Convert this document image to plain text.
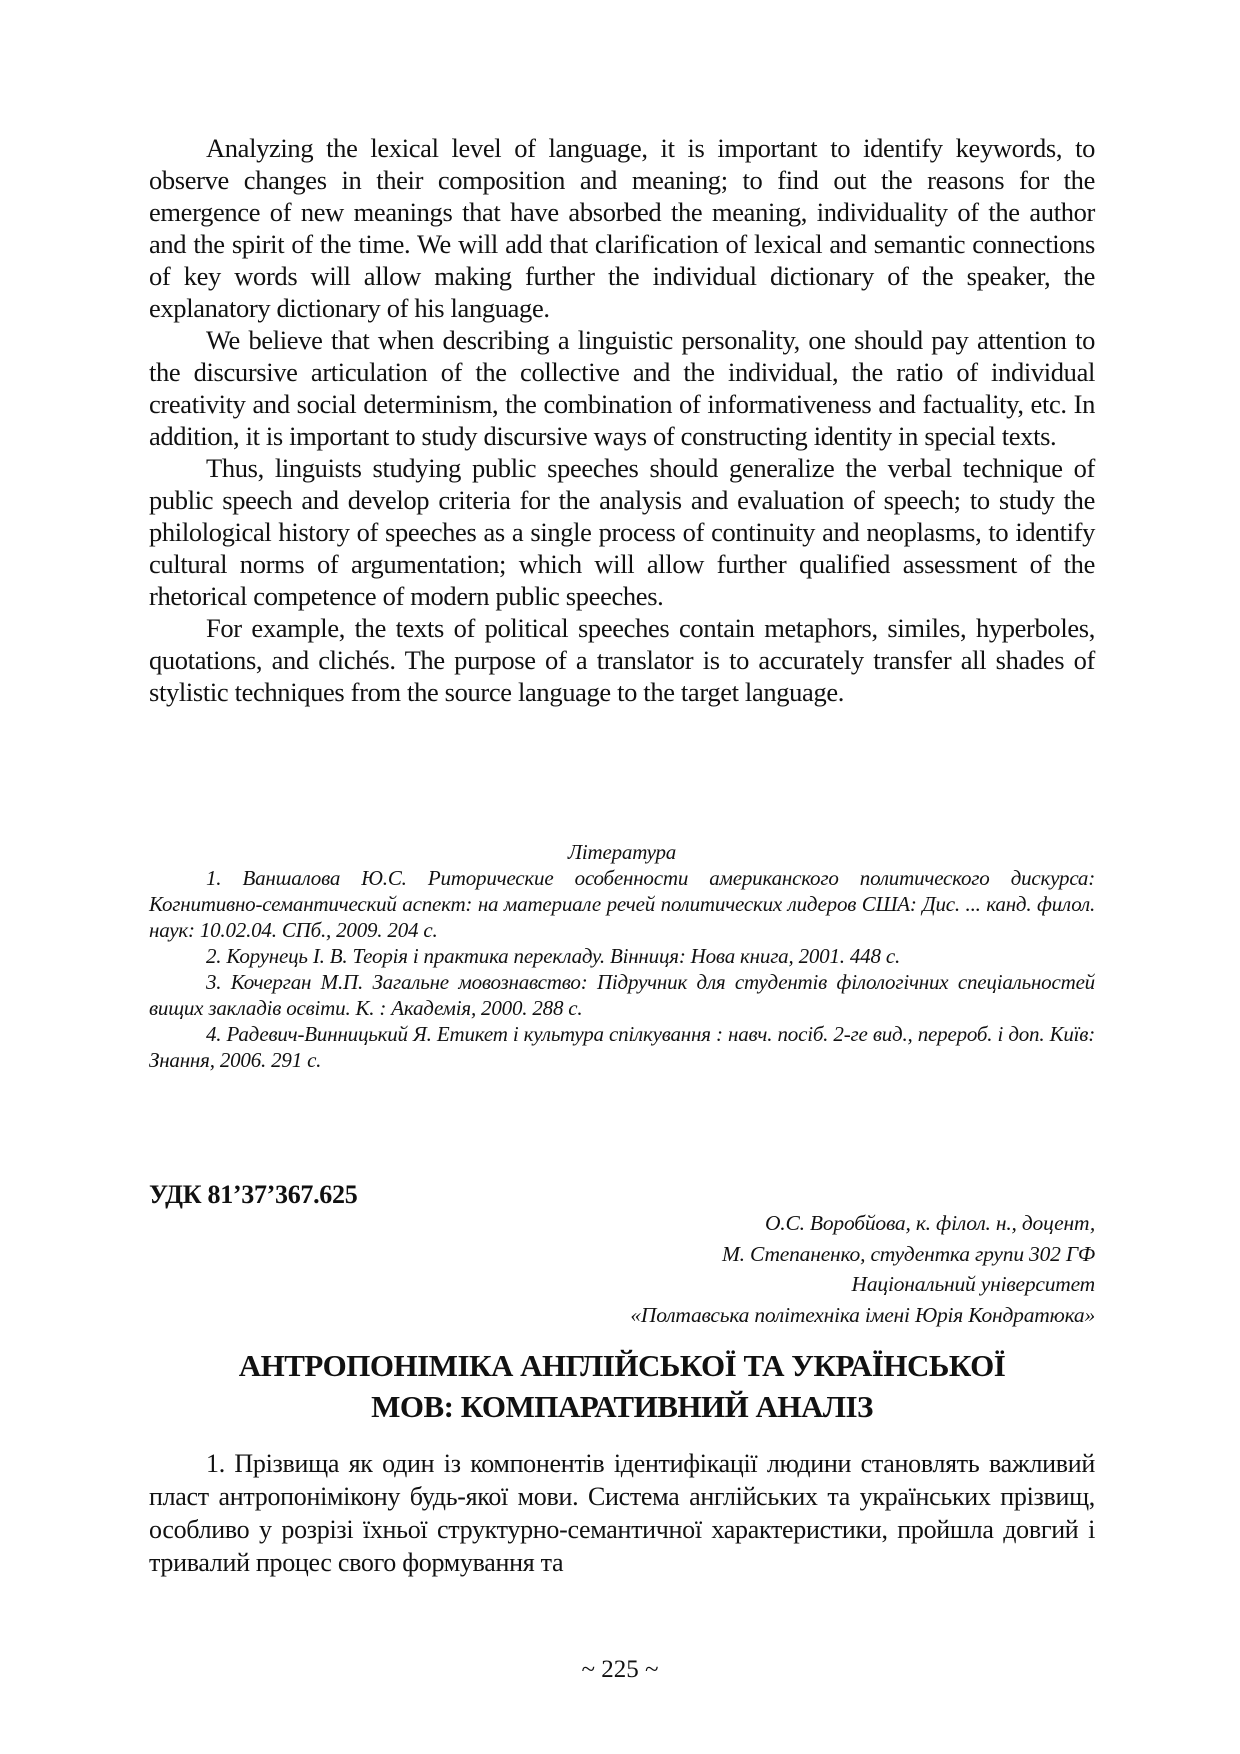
Analyzing the lexical level of language, it is important to identify keywords, to observe changes in their composition and meaning; to find out the reasons for the emergence of new meanings that have absorbed the meaning, individuality of the author and the spirit of the time. We will add that clarification of lexical and semantic connections of key words will allow making further the individual dictionary of the speaker, the explanatory dictionary of his language.

We believe that when describing a linguistic personality, one should pay attention to the discursive articulation of the collective and the individual, the ratio of individual creativity and social determinism, the combination of informativeness and factuality, etc. In addition, it is important to study discursive ways of constructing identity in special texts.

Thus, linguists studying public speeches should generalize the verbal technique of public speech and develop criteria for the analysis and evaluation of speech; to study the philological history of speeches as a single process of continuity and neoplasms, to identify cultural norms of argumentation; which will allow further qualified assessment of the rhetorical competence of modern public speeches.

For example, the texts of political speeches contain metaphors, similes, hyperboles, quotations, and clichés. The purpose of a translator is to accurately transfer all shades of stylistic techniques from the source language to the target language.

Література

1. Ваншалова Ю.С. Риторические особенности американского политического дискурса: Когнитивно-семантический аспект: на материале речей политических лидеров США: Дис. ... канд. филол. наук: 10.02.04. СПб., 2009. 204 с.

2. Корунець І. В. Теорія і практика перекладу. Вінниця: Нова книга, 2001. 448 с.

3. Кочерган М.П. Загальне мовознавство: Підручник для студентів філологічних спеціальностей вищих закладів освіти. К. : Академія, 2000. 288 с.

4. Радевич-Винницький Я. Етикет і культура спілкування : навч. посіб. 2-ге вид., перероб. і доп. Київ: Знання, 2006. 291 с.

УДК 81’37’367.625
О.С. Воробйова, к. філол. н., доцент,
М. Степаненко, студентка групи 302 ГФ
Національний університет
«Полтавська політехніка імені Юрія Кондратюка»
АНТРОПОНІМІКА АНГЛІЙСЬКОЇ ТА УКРАЇНСЬКОЇ
МОВ: КОМПАРАТИВНИЙ АНАЛІЗ

1. Прізвища як один із компонентів ідентифікації людини становлять важливий пласт антропонімікону будь-якої мови. Система англійських та українських прізвищ, особливо у розрізі їхньої структурно-семантичної характеристики, пройшла довгий і тривалий процес свого формування та

~ 225 ~
